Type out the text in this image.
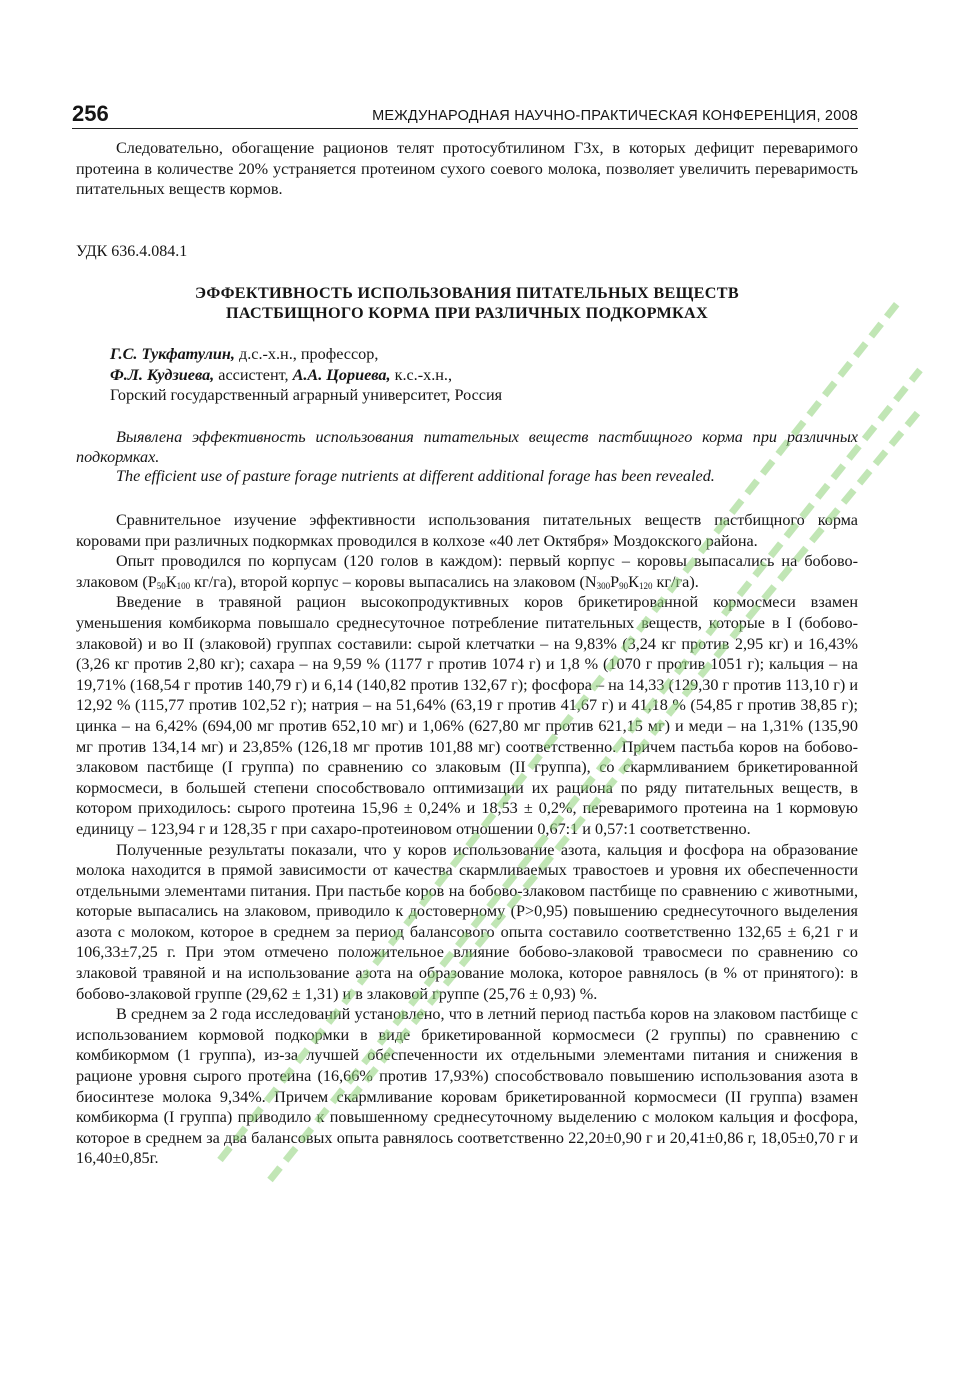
256	МЕЖДУНАРОДНАЯ НАУЧНО-ПРАКТИЧЕСКАЯ КОНФЕРЕНЦИЯ, 2008

Следовательно, обогащение рационов телят протосубтилином Г3х, в которых дефицит переваримого протеина в количестве 20% устраняется протеином сухого соевого молока, позволяет увеличить переваримость питательных веществ кормов.

УДК 636.4.084.1
ЭФФЕКТИВНОСТЬ ИСПОЛЬЗОВАНИЯ ПИТАТЕЛЬНЫХ ВЕЩЕСТВ
ПАСТБИЩНОГО КОРМА ПРИ РАЗЛИЧНЫХ ПОДКОРМКАХ
Г.С. Тукфатулин, д.с.-х.н., профессор,
Ф.Л. Кудзиева, ассистент, А.А. Цориева, к.с.-х.н.,
Горский государственный аграрный университет, Россия

Выявлена эффективность использования питательных веществ пастбищного корма при различных подкормках.

The efficient use of pasture forage nutrients at different additional forage has been revealed.

Сравнительное изучение эффективности использования питательных веществ пастбищного корма коровами при различных подкормках проводился в колхозе «40 лет Октября» Моздокского района.

Опыт проводился по корпусам (120 голов в каждом): первый корпус – коровы выпасались на бобово-злаковом ($Р_{50}К_{100}$ кг/га), второй корпус – коровы выпасались на злаковом ($N_{300}Р_{90}К_{120}$ кг/га).

Введение в травяной рацион высокопродуктивных коров брикетированной кормосмеси взамен уменьшения комбикорма повышало среднесуточное потребление питательных веществ, которые в I (бобово-злаковой) и во II (злаковой) группах составили: сырой клетчатки – на 9,83% (3,24 кг против 2,95 кг) и 16,43% (3,26 кг против 2,80 кг); сахара – на 9,59 % (1177 г против 1074 г) и 1,8 % (1070 г против 1051 г); кальция – на 19,71% (168,54 г против 140,79 г) и 6,14 (140,82 против 132,67 г); фосфора – на 14,33 (129,30 г против 113,10 г) и 12,92 % (115,77 против 102,52 г); натрия – на 51,64% (63,19 г против 41,67 г) и 41,18 % (54,85 г против 38,85 г); цинка – на 6,42% (694,00 мг против 652,10 мг) и 1,06% (627,80 мг против 621,15 мг) и меди – на 1,31% (135,90 мг против 134,14 мг) и 23,85% (126,18 мг против 101,88 мг) соответственно. Причем пастьба коров на бобово-злаковом пастбище (I группа) по сравнению со злаковым (II группа), со скармливанием брикетированной кормосмеси, в большей степени способствовало оптимизации их рациона по ряду питательных веществ, в котором приходилось: сырого протеина 15,96 ± 0,24% и 18,53 ± 0,2%, переваримого протеина на 1 кормовую единицу – 123,94 г и 128,35 г при сахаро-протеиновом отношении 0,67:1 и 0,57:1 соответственно.

Полученные результаты показали, что у коров использование азота, кальция и фосфора на образование молока находится в прямой зависимости от качества скармливаемых травостоев и уровня их обеспеченности отдельными элементами питания. При пастьбе коров на бобово-злаковом пастбище по сравнению с животными, которые выпасались на злаковом, приводило к достоверному (Р>0,95) повышению среднесуточного выделения азота с молоком, которое в среднем за период балансового опыта составило соответственно 132,65 ± 6,21 г и 106,33±7,25 г. При этом отмечено положительное влияние бобово-злаковой травосмеси по сравнению со злаковой травяной и на использование азота на образование молока, которое равнялось (в % от принятого): в бобово-злаковой группе (29,62 ± 1,31) и в злаковой группе (25,76 ± 0,93) %.

В среднем за 2 года исследований установлено, что в летний период пастьба коров на злаковом пастбище с использованием кормовой подкормки в виде брикетированной кормосмеси (2 группы) по сравнению с комбикормом (1 группа), из-за лучшей обеспеченности их отдельными элементами питания и снижения в рационе уровня сырого протеина (16,66% против 17,93%) способствовало повышению использования азота в биосинтезе молока 9,34%. Причем скармливание коровам брикетированной кормосмеси (II группа) взамен комбикорма (I группа) приводило к повышенному среднесуточному выделению с молоком кальция и фосфора, которое в среднем за два балансовых опыта равнялось соответственно 22,20±0,90 г и 20,41±0,86 г, 18,05±0,70 г и 16,40±0,85г.
